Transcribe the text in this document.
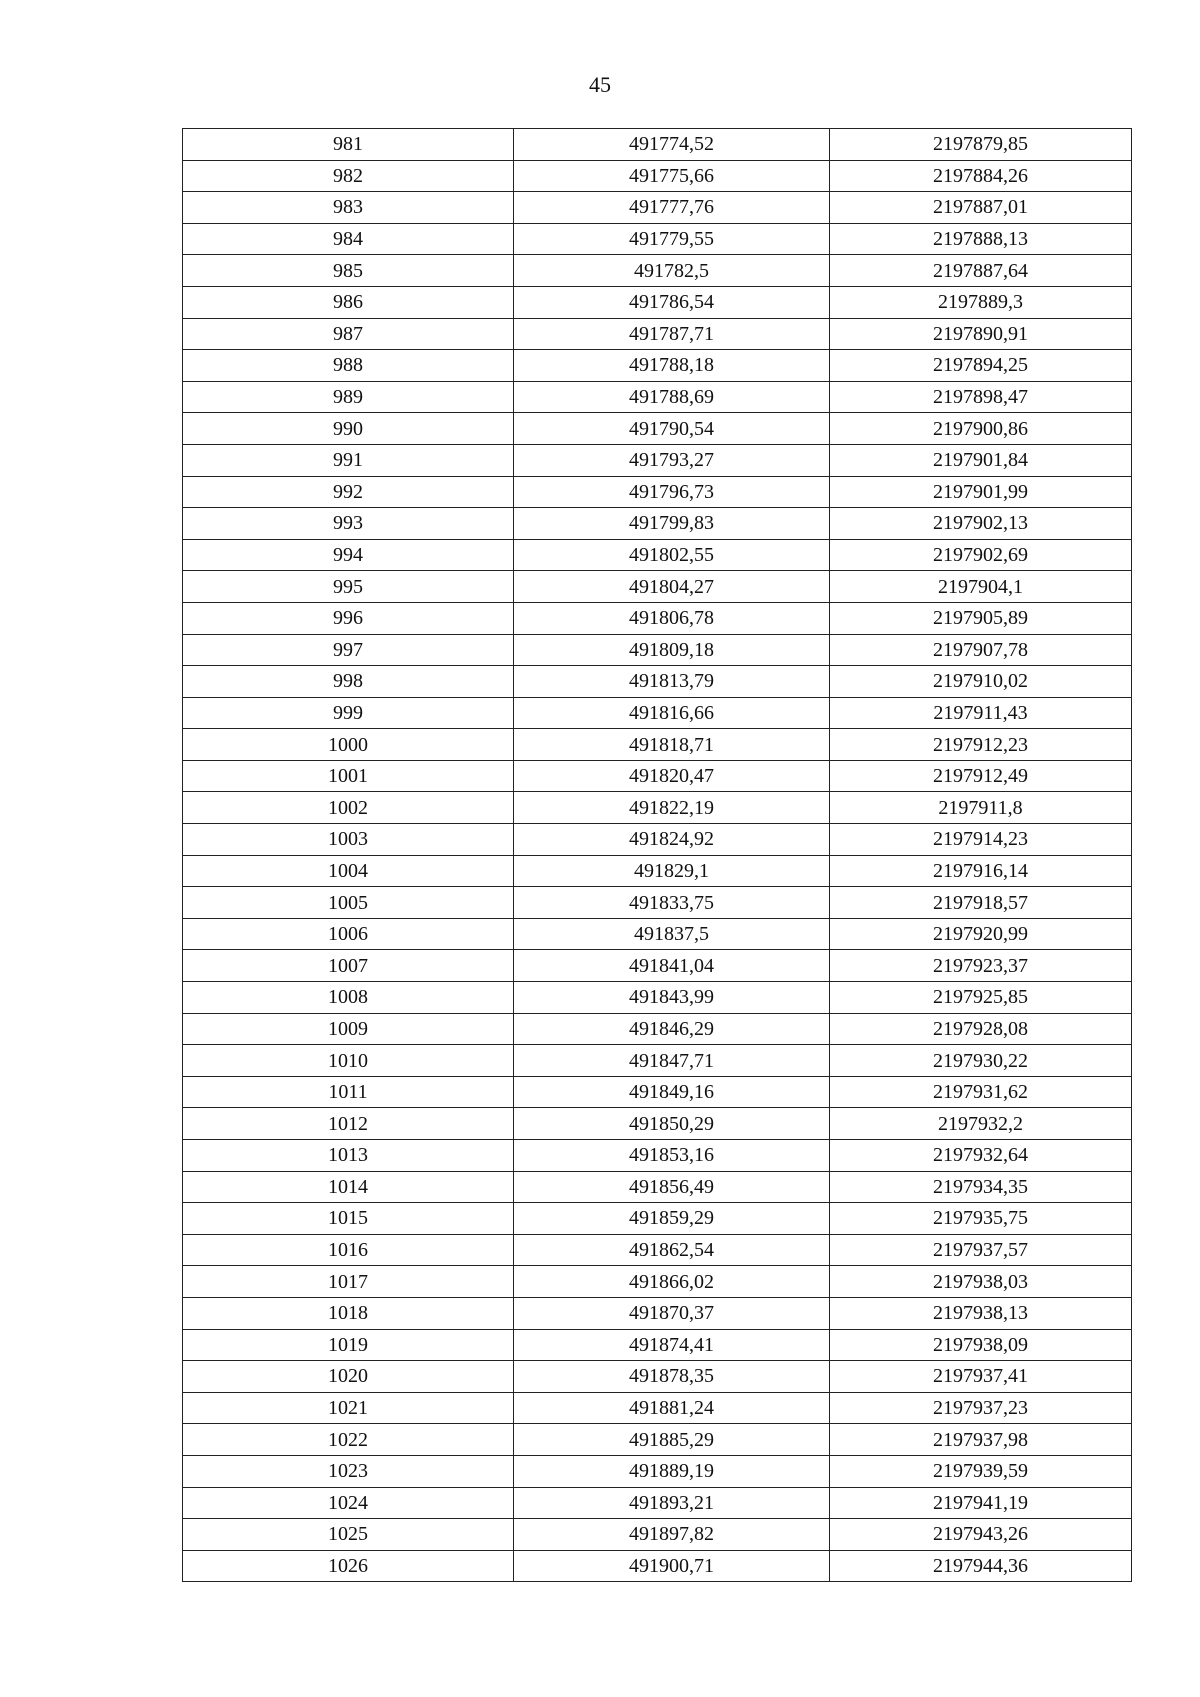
45
981	491774,52	2197879,85
982	491775,66	2197884,26
983	491777,76	2197887,01
984	491779,55	2197888,13
985	491782,5	2197887,64
986	491786,54	2197889,3
987	491787,71	2197890,91
988	491788,18	2197894,25
989	491788,69	2197898,47
990	491790,54	2197900,86
991	491793,27	2197901,84
992	491796,73	2197901,99
993	491799,83	2197902,13
994	491802,55	2197902,69
995	491804,27	2197904,1
996	491806,78	2197905,89
997	491809,18	2197907,78
998	491813,79	2197910,02
999	491816,66	2197911,43
1000	491818,71	2197912,23
1001	491820,47	2197912,49
1002	491822,19	2197911,8
1003	491824,92	2197914,23
1004	491829,1	2197916,14
1005	491833,75	2197918,57
1006	491837,5	2197920,99
1007	491841,04	2197923,37
1008	491843,99	2197925,85
1009	491846,29	2197928,08
1010	491847,71	2197930,22
1011	491849,16	2197931,62
1012	491850,29	2197932,2
1013	491853,16	2197932,64
1014	491856,49	2197934,35
1015	491859,29	2197935,75
1016	491862,54	2197937,57
1017	491866,02	2197938,03
1018	491870,37	2197938,13
1019	491874,41	2197938,09
1020	491878,35	2197937,41
1021	491881,24	2197937,23
1022	491885,29	2197937,98
1023	491889,19	2197939,59
1024	491893,21	2197941,19
1025	491897,82	2197943,26
1026	491900,71	2197944,36
